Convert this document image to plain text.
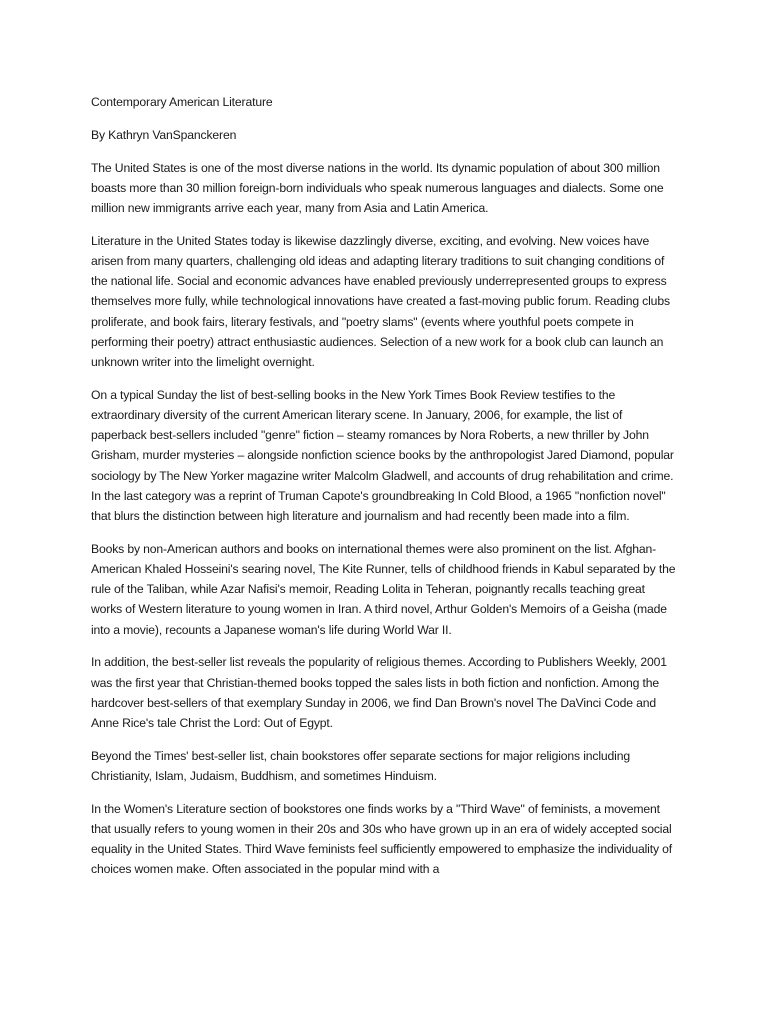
Contemporary American Literature

By Kathryn VanSpanckeren

The United States is one of the most diverse nations in the world. Its dynamic population of about 300 million boasts more than 30 million foreign-born individuals who speak numerous languages and dialects. Some one million new immigrants arrive each year, many from Asia and Latin America.

Literature in the United States today is likewise dazzlingly diverse, exciting, and evolving. New voices have arisen from many quarters, challenging old ideas and adapting literary traditions to suit changing conditions of the national life. Social and economic advances have enabled previously underrepresented groups to express themselves more fully, while technological innovations have created a fast-moving public forum. Reading clubs proliferate, and book fairs, literary festivals, and "poetry slams" (events where youthful poets compete in performing their poetry) attract enthusiastic audiences. Selection of a new work for a book club can launch an unknown writer into the limelight overnight.

On a typical Sunday the list of best-selling books in the New York Times Book Review testifies to the extraordinary diversity of the current American literary scene. In January, 2006, for example, the list of paperback best-sellers included "genre" fiction – steamy romances by Nora Roberts, a new thriller by John Grisham, murder mysteries – alongside nonfiction science books by the anthropologist Jared Diamond, popular sociology by The New Yorker magazine writer Malcolm Gladwell, and accounts of drug rehabilitation and crime. In the last category was a reprint of Truman Capote's groundbreaking In Cold Blood, a 1965 "nonfiction novel" that blurs the distinction between high literature and journalism and had recently been made into a film.

Books by non-American authors and books on international themes were also prominent on the list. Afghan-American Khaled Hosseini's searing novel, The Kite Runner, tells of childhood friends in Kabul separated by the rule of the Taliban, while Azar Nafisi's memoir, Reading Lolita in Teheran, poignantly recalls teaching great works of Western literature to young women in Iran. A third novel, Arthur Golden's Memoirs of a Geisha (made into a movie), recounts a Japanese woman's life during World War II.

In addition, the best-seller list reveals the popularity of religious themes. According to Publishers Weekly, 2001 was the first year that Christian-themed books topped the sales lists in both fiction and nonfiction. Among the hardcover best-sellers of that exemplary Sunday in 2006, we find Dan Brown's novel The DaVinci Code and Anne Rice's tale Christ the Lord: Out of Egypt.

Beyond the Times' best-seller list, chain bookstores offer separate sections for major religions including Christianity, Islam, Judaism, Buddhism, and sometimes Hinduism.

In the Women's Literature section of bookstores one finds works by a "Third Wave" of feminists, a movement that usually refers to young women in their 20s and 30s who have grown up in an era of widely accepted social equality in the United States. Third Wave feminists feel sufficiently empowered to emphasize the individuality of choices women make. Often associated in the popular mind with a
